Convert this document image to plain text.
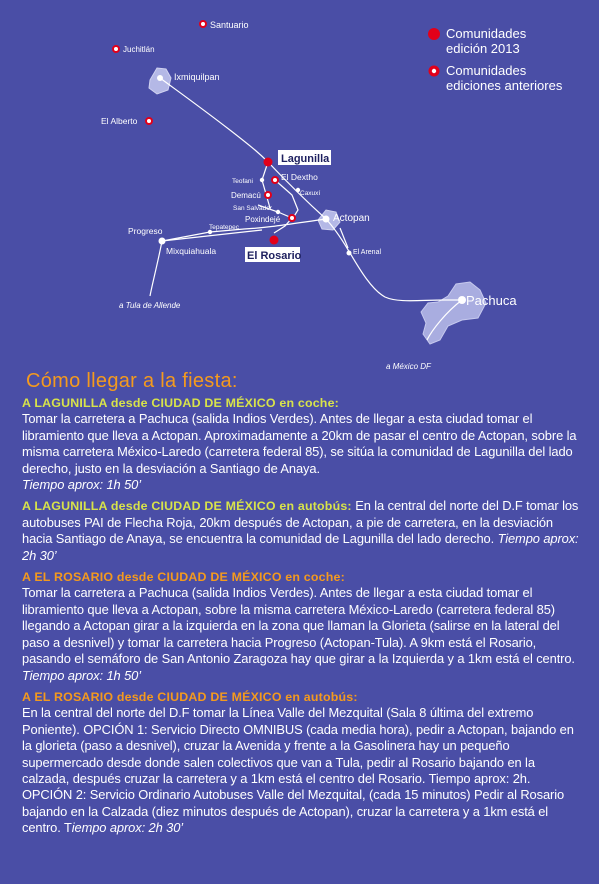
Santuario
Juchitlán
Ixmiquilpan
El Alberto
Lagunilla
Teofani	El Dextho
Demacú	Caxuxí
San Salvador
Poxindejé	Actopan
Tepatepec
Progreso
Mixquiahuala	El Rosario	El Arenal
Pachuca
a Tula de Allende
a México DF
Comunidades
edición 2013
Comunidades
ediciones anteriores
Cómo llegar a la fiesta:
A LAGUNILLA desde CIUDAD DE MÉXICO en coche:
Tomar la carretera a Pachuca (salida Indios Verdes). Antes de llegar a esta ciudad tomar el libramiento que lleva a Actopan. Aproximadamente a 20km de pasar el centro de Actopan, sobre la misma carretera México-Laredo (carretera federal 85), se sitúa la comunidad de Lagunilla del lado derecho, justo en la desviación a Santiago de Anaya.
Tiempo aprox: 1h 50’
A LAGUNILLA desde CIUDAD DE MÉXICO en autobús: En la central del norte del D.F tomar los autobuses PAI de Flecha Roja, 20km después de Actopan, a pie de carretera, en la desviación hacia Santiago de Anaya, se encuentra la comunidad de Lagunilla del lado derecho. Tiempo aprox: 2h 30’
A EL ROSARIO desde CIUDAD DE MÉXICO en coche:
Tomar la carretera a Pachuca (salida Indios Verdes). Antes de llegar a esta ciudad tomar el libramiento que lleva a Actopan, sobre la misma carretera México-Laredo (carretera federal 85) llegando a Actopan girar a la izquierda en la zona que llaman la Glorieta (salirse en la lateral del paso a desnivel) y tomar la carretera hacia Progreso (Actopan-Tula). A 9km está el Rosario, pasando el semáforo de San Antonio Zaragoza hay que girar a la Izquierda y a 1km está el centro. Tiempo aprox: 1h 50’
A EL ROSARIO desde CIUDAD DE MÉXICO en autobús:
En la central del norte del D.F tomar la Línea Valle del Mezquital (Sala 8 última del extremo Poniente). OPCIÓN 1: Servicio Directo OMNIBUS (cada media hora), pedir a Actopan, bajando en la glorieta (paso a desnivel), cruzar la Avenida y frente a la Gasolinera hay un pequeño supermercado desde donde salen colectivos que van a Tula, pedir al Rosario bajando en la calzada, después cruzar la carretera y a 1km está el centro del Rosario. Tiempo aprox: 2h. OPCIÓN 2: Servicio Ordinario Autobuses Valle del Mezquital, (cada 15 minutos) Pedir al Rosario bajando en la Calzada (diez minutos después de Actopan), cruzar la carretera y a 1km está el centro. Tiempo aprox: 2h 30’
